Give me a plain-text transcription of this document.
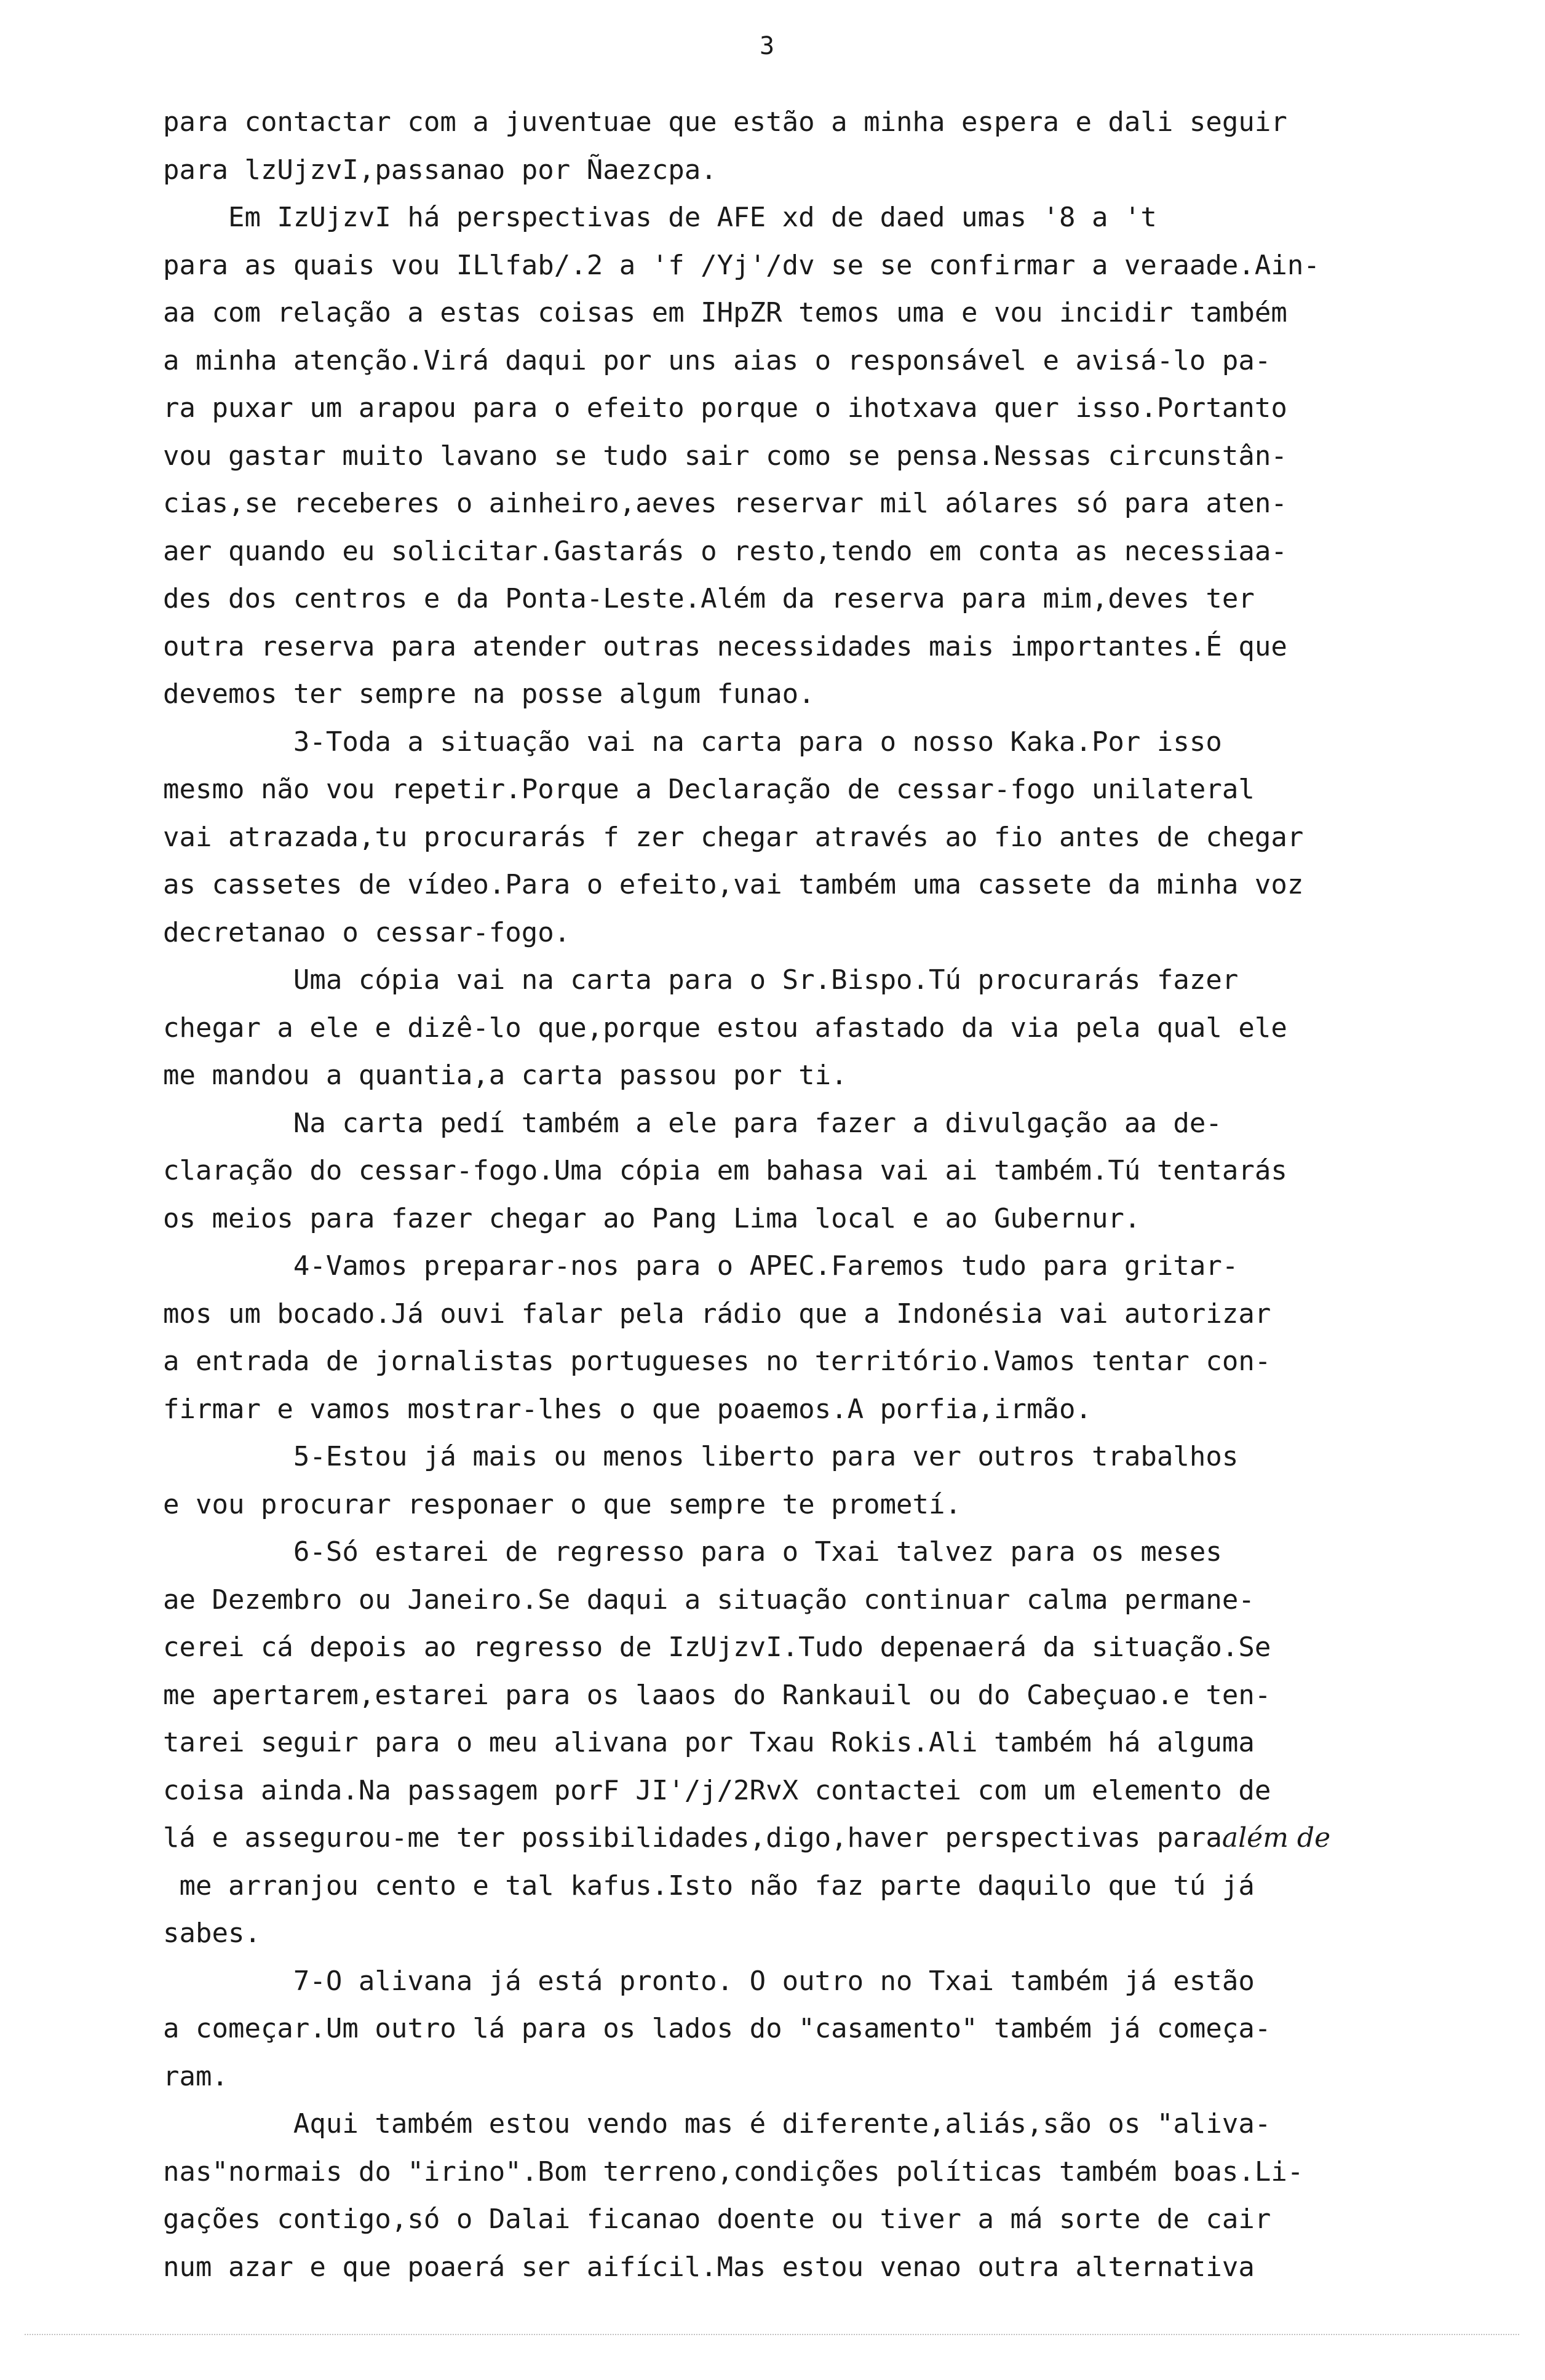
3
para contactar com a juventuae que estão a minha espera e dali seguir
para lzUjzvI,passanao por Ñaezcpa.
Em IzUjzvI há perspectivas de AFE xd de daed umas '8 a 't
para as quais vou ILlfab/.2 a 'f /Yj'/dv se se confirmar a veraade.Ain-
aa com relação a estas coisas em IHpZR temos uma e vou incidir também
a minha atenção.Virá daqui por uns aias o responsável e avisá-lo pa-
ra puxar um arapou para o efeito porque o ihotxava quer isso.Portanto
vou gastar muito lavano se tudo sair como se pensa.Nessas circunstân-
cias,se receberes o ainheiro,aeves reservar mil aólares só para aten-
aer quando eu solicitar.Gastarás o resto,tendo em conta as necessiaa-
des dos centros e da Ponta-Leste.Além da reserva para mim,deves ter
outra reserva para atender outras necessidades mais importantes.É que
devemos ter sempre na posse algum funao.
3-Toda a situação vai na carta para o nosso Kaka.Por isso
mesmo não vou repetir.Porque a Declaração de cessar-fogo unilateral
vai atrazada,tu procurarás f zer chegar através ao fio antes de chegar
as cassetes de vídeo.Para o efeito,vai também uma cassete da minha voz
decretanao o cessar-fogo.
Uma cópia vai na carta para o Sr.Bispo.Tú procurarás fazer
chegar a ele e dizê-lo que,porque estou afastado da via pela qual ele
me mandou a quantia,a carta passou por ti.
Na carta pedí também a ele para fazer a divulgação aa de-
claração do cessar-fogo.Uma cópia em bahasa vai ai também.Tú tentarás
os meios para fazer chegar ao Pang Lima local e ao Gubernur.
4-Vamos preparar-nos para o APEC.Faremos tudo para gritar-
mos um bocado.Já ouvi falar pela rádio que a Indonésia vai autorizar
a entrada de jornalistas portugueses no território.Vamos tentar con-
firmar e vamos mostrar-lhes o que poaemos.A porfia,irmão.
5-Estou já mais ou menos liberto para ver outros trabalhos
e vou procurar responaer o que sempre te prometí.
6-Só estarei de regresso para o Txai talvez para os meses
ae Dezembro ou Janeiro.Se daqui a situação continuar calma permane-
cerei cá depois ao regresso de IzUjzvI.Tudo depenaerá da situação.Se
me apertarem,estarei para os laaos do Rankauil ou do Cabeçuao.e ten-
tarei seguir para o meu alivana por Txau Rokis.Ali também há alguma
coisa ainda.Na passagem porF JI'/j/2RvX contactei com um elemento de
lá e assegurou-me ter possibilidades,digo,haver perspectivas paraalém de
me arranjou cento e tal kafus.Isto não faz parte daquilo que tú já
sabes.
7-O alivana já está pronto. O outro no Txai também já estão
a começar.Um outro lá para os lados do "casamento" também já começa-
ram.
Aqui também estou vendo mas é diferente,aliás,são os "aliva-
nas"normais do "irino".Bom terreno,condições políticas também boas.Li-
gações contigo,só o Dalai ficanao doente ou tiver a má sorte de cair
num azar e que poaerá ser aifícil.Mas estou venao outra alternativa
